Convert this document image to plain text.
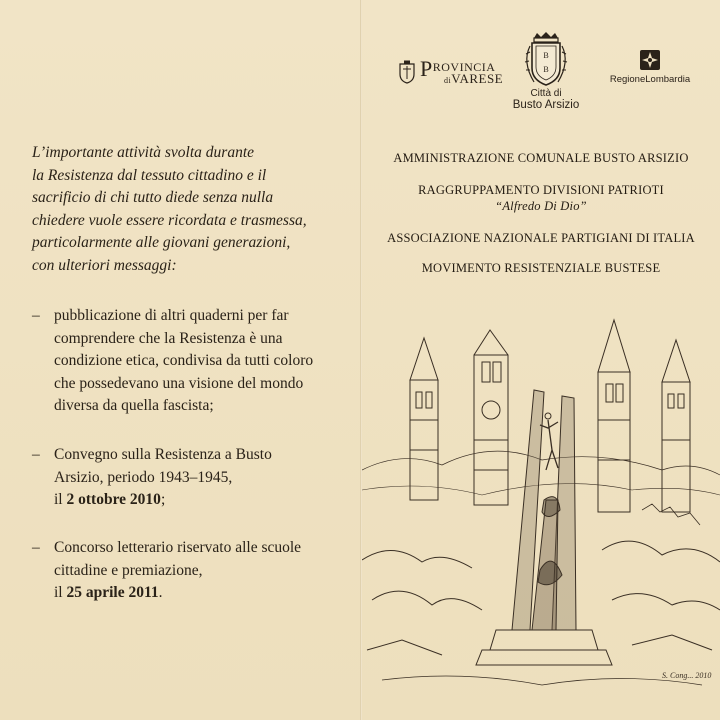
L’importante attività svolta durante
la Resistenza dal tessuto cittadino e il
sacrificio di chi tutto diede senza nulla
chiedere vuole essere ricordata e trasmessa,
particolarmente alle giovani generazioni,
con ulteriori messaggi:
– pubblicazione di altri quaderni per far
comprendere che la Resistenza è una
condizione etica, condivisa da tutti coloro
che possedevano una visione del mondo
diversa da quella fascista;
– Convegno sulla Resistenza a Busto
Arsizio, periodo 1943–1945,
il 2 ottobre 2010;
– Concorso letterario riservato alle scuole
cittadine e premiazione,
il 25 aprile 2011.
PROVINCIA
diVARESE
B
B
Città di
Busto Arsizio
RegioneLombardia
AMMINISTRAZIONE COMUNALE BUSTO ARSIZIO
RAGGRUPPAMENTO DIVISIONI PATRIOTI
“Alfredo Di Dio”
ASSOCIAZIONE NAZIONALE PARTIGIANI DI ITALIA
MOVIMENTO RESISTENZIALE BUSTESE
S. Cong... 2010
